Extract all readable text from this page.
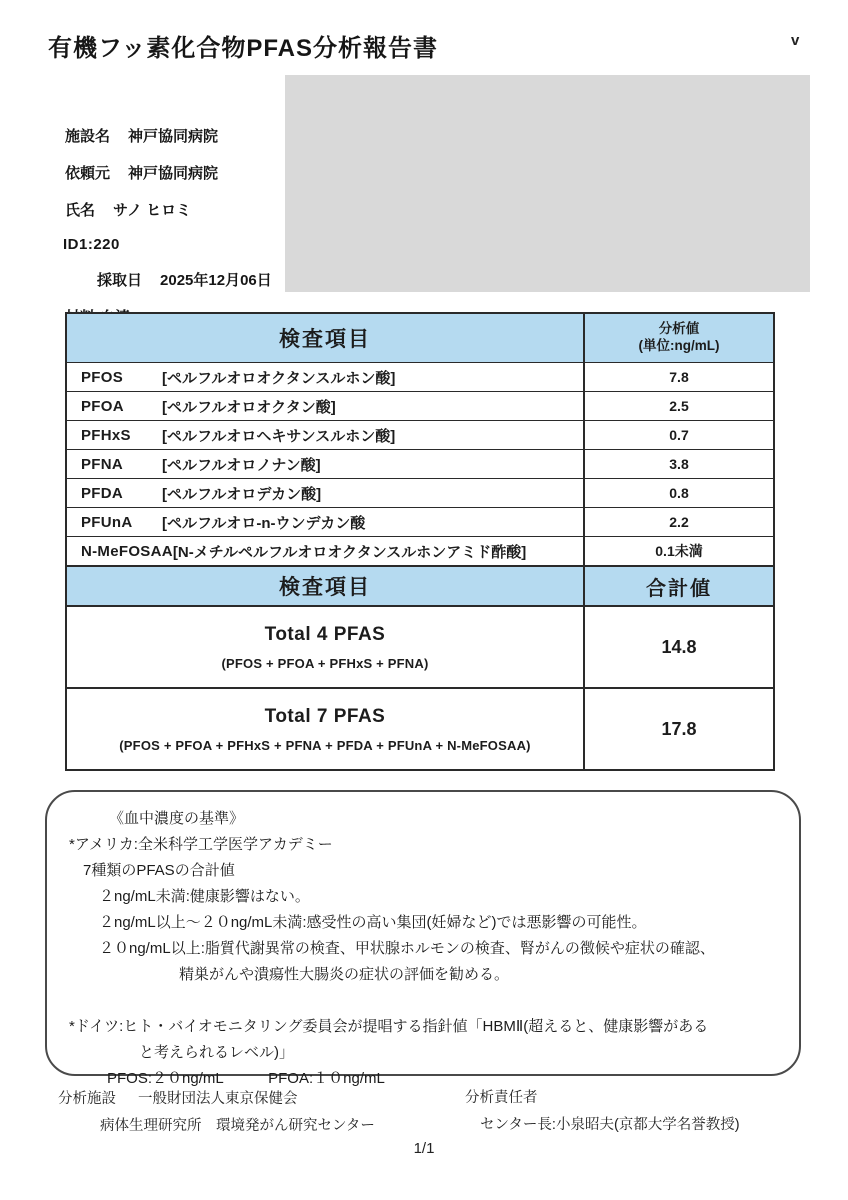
有機フッ素化合物PFAS分析報告書	v
施設名 神戸協同病院
依頼元 神戸協同病院
氏名 サノ ヒロミ
ID1:220
採取日 2025年12月06日
検査項目	分析値
(単位:ng/mL)
PFOS	[ペルフルオロオクタンスルホン酸]	7.8
PFOA	[ペルフルオロオクタン酸]	2.5
PFHxS	[ペルフルオロヘキサンスルホン酸]	0.7
PFNA	[ペルフルオロノナン酸]	3.8
PFDA	[ペルフルオロデカン酸]	0.8
PFUnA	[ペルフルオロ-n-ウンデカン酸	2.2
N-MeFOSAA [N-メチルペルフルオロオクタンスルホンアミド酢酸]	0.1未満
検査項目	合計値
Total 4 PFAS
(PFOS + PFOA + PFHxS + PFNA)
14.8
Total 7 PFAS
(PFOS + PFOA + PFHxS + PFNA + PFDA + PFUnA + N-MeFOSAA)
17.8
《血中濃度の基準》
*アメリカ:全米科学工学医学アカデミー
7種類のPFASの合計値
２ng/mL未満:健康影響はない。
２ng/mL以上～２０ng/mL未満:感受性の高い集団(妊婦など)では悪影響の可能性。
２０ng/mL以上:脂質代謝異常の検査、甲状腺ホルモンの検査、腎がんの徴候や症状の確認、
精巣がんや潰瘍性大腸炎の症状の評価を勧める。
*ドイツ:ヒト・バイオモニタリング委員会が提唱する指針値「HBMⅡ(超えると、健康影響がある
と考えられるレベル)」
PFOS:２０ng/mL　　　PFOA:１０ng/mL
分析施設 一般財団法人東京保健会
病体生理研究所　環境発がん研究センター
分析責任者
センター長:小泉昭夫(京都大学名誉教授)
1/1
